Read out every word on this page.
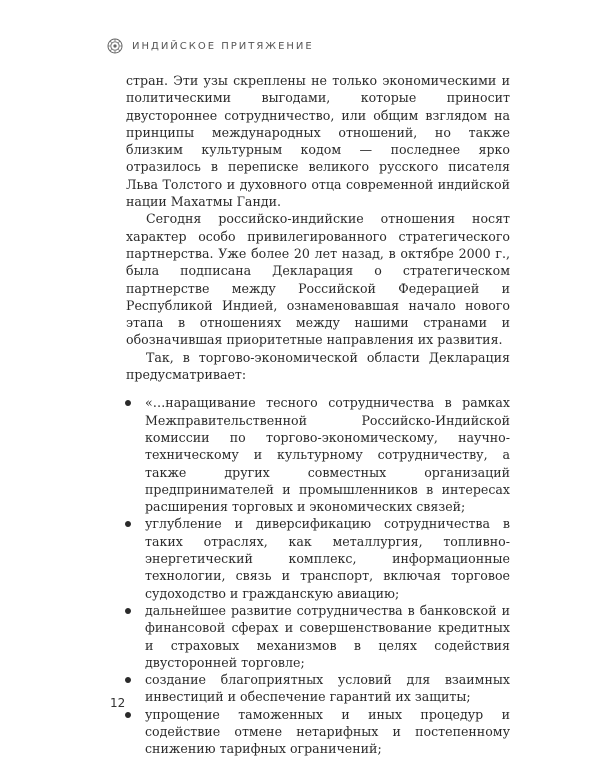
ИНДИЙСКОЕ ПРИТЯЖЕНИЕ

стран. Эти узы скреплены не только экономическими и политическими выгодами, которые приносит двустороннее сотрудничество, или общим взглядом на принципы международных отношений, но также близким культурным кодом — последнее ярко отразилось в переписке великого русского писателя Льва Толстого и духовного отца современной индийской нации Махатмы Ганди.

Сегодня российско-индийские отношения носят характер особо привилегированного стратегического партнерства. Уже более 20 лет назад, в октябре 2000 г., была подписана Декларация о стратегическом партнерстве между Российской Федерацией и Республикой Индией, ознаменовавшая начало нового этапа в отношениях между нашими странами и обозначившая приоритетные направления их развития.

Так, в торгово-экономической области Декларация предусматривает:

«…наращивание тесного сотрудничества в рамках Межправительственной Российско-Индийской комиссии по торгово-экономическому, научно-техническому и культурному сотрудничеству, а также других совместных организаций предпринимателей и промышленников в интересах расширения торговых и экономических связей;
углубление и диверсификацию сотрудничества в таких отраслях, как металлургия, топливно-энергетический комплекс, информационные технологии, связь и транспорт, включая торговое судоходство и гражданскую авиацию;
дальнейшее развитие сотрудничества в банковской и финансовой сферах и совершенствование кредитных и страховых механизмов в целях содействия двусторонней торговле;
создание благоприятных условий для взаимных инвестиций и обеспечение гарантий их защиты;
упрощение таможенных и иных процедур и содействие отмене нетарифных и постепенному снижению тарифных ограничений;
12
